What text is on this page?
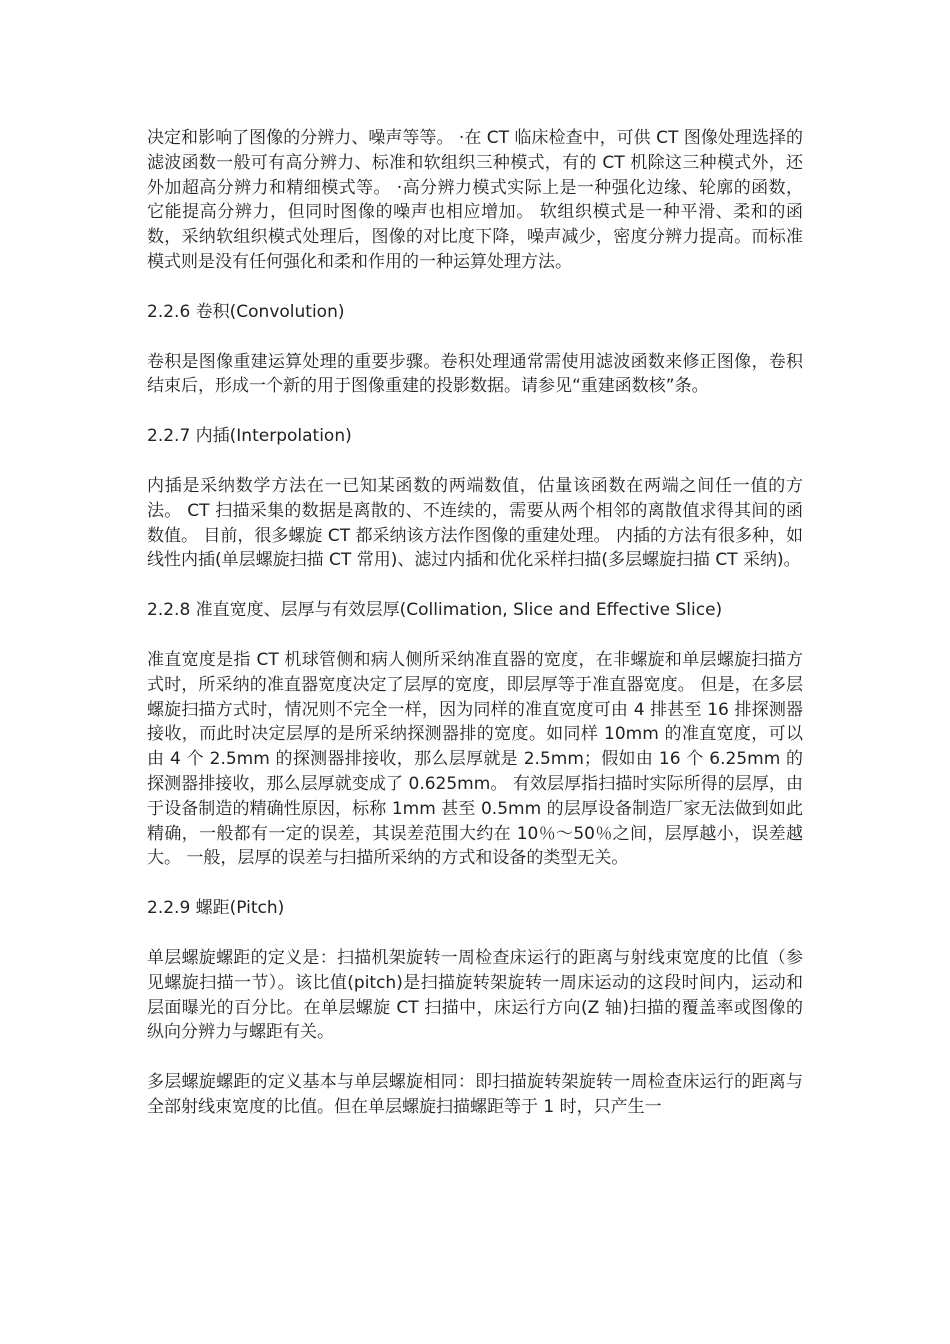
决定和影响了图像的分辨力、噪声等等。 ·在 CT 临床检查中，可供 CT 图像处理选择的滤波函数一般可有高分辨力、标准和软组织三种模式，有的 CT 机除这三种模式外，还外加超高分辨力和精细模式等。 ·高分辨力模式实际上是一种强化边缘、轮廓的函数，它能提高分辨力，但同时图像的噪声也相应增加。 软组织模式是一种平滑、柔和的函数，采纳软组织模式处理后，图像的对比度下降，噪声减少，密度分辨力提高。而标准模式则是没有任何强化和柔和作用的一种运算处理方法。

2.2.6 卷积(Convolution)

卷积是图像重建运算处理的重要步骤。卷积处理通常需使用滤波函数来修正图像，卷积结束后，形成一个新的用于图像重建的投影数据。请参见“重建函数核”条。

2.2.7 内插(Interpolation)

内插是采纳数学方法在一已知某函数的两端数值，估量该函数在两端之间任一值的方法。 CT 扫描采集的数据是离散的、不连续的，需要从两个相邻的离散值求得其间的函数值。 目前，很多螺旋 CT 都采纳该方法作图像的重建处理。 内插的方法有很多种，如线性内插(单层螺旋扫描 CT 常用)、滤过内插和优化采样扫描(多层螺旋扫描 CT 采纳)。

2.2.8 准直宽度、层厚与有效层厚(Collimation, Slice and Effective Slice)

准直宽度是指 CT 机球管侧和病人侧所采纳准直器的宽度，在非螺旋和单层螺旋扫描方式时，所采纳的准直器宽度决定了层厚的宽度，即层厚等于准直器宽度。 但是，在多层螺旋扫描方式时，情况则不完全一样，因为同样的准直宽度可由 4 排甚至 16 排探测器接收，而此时决定层厚的是所采纳探测器排的宽度。如同样 10mm 的准直宽度，可以由 4 个 2.5mm 的探测器排接收，那么层厚就是 2.5mm；假如由 16 个 6.25mm 的探测器排接收，那么层厚就变成了 0.625mm。 有效层厚指扫描时实际所得的层厚，由于设备制造的精确性原因，标称 1mm 甚至 0.5mm 的层厚设备制造厂家无法做到如此精确，一般都有一定的误差，其误差范围大约在 10％～50％之间，层厚越小，误差越大。 一般，层厚的误差与扫描所采纳的方式和设备的类型无关。

2.2.9 螺距(Pitch)

单层螺旋螺距的定义是：扫描机架旋转一周检查床运行的距离与射线束宽度的比值（参见螺旋扫描一节）。该比值(pitch)是扫描旋转架旋转一周床运动的这段时间内，运动和层面曝光的百分比。在单层螺旋 CT 扫描中，床运行方向(Z 轴)扫描的覆盖率或图像的纵向分辨力与螺距有关。

多层螺旋螺距的定义基本与单层螺旋相同：即扫描旋转架旋转一周检查床运行的距离与全部射线束宽度的比值。但在单层螺旋扫描螺距等于 1 时，只产生一
